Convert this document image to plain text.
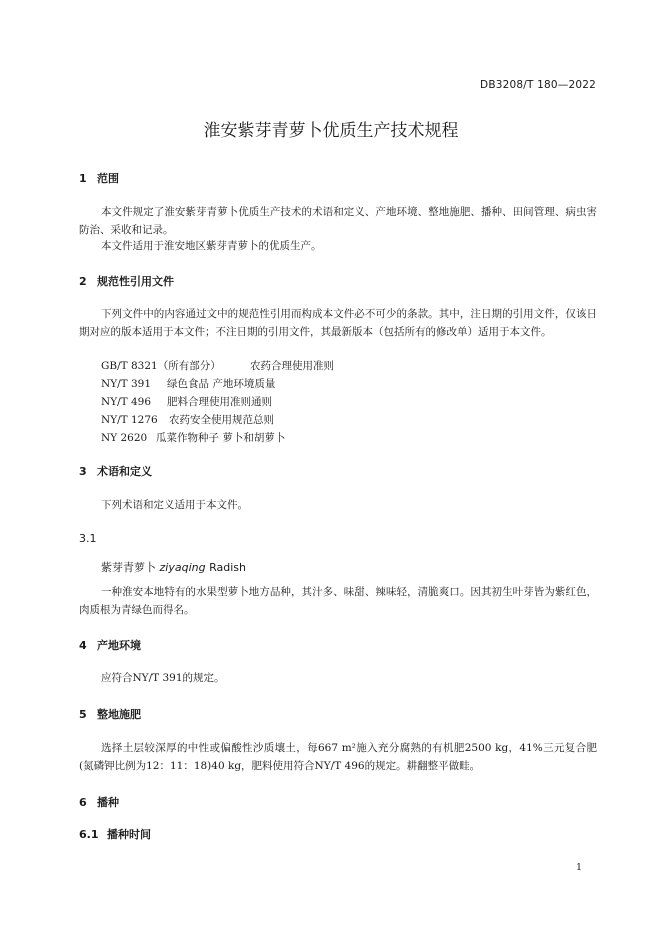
DB3208/T 180—2022
淮安紫芽青萝卜优质生产技术规程
1 范围
本文件规定了淮安紫芽青萝卜优质生产技术的术语和定义、产地环境、整地施肥、播种、田间管理、病虫害防治、采收和记录。
本文件适用于淮安地区紫芽青萝卜的优质生产。
2 规范性引用文件
下列文件中的内容通过文中的规范性引用而构成本文件必不可少的条款。其中，注日期的引用文件，仅该日期对应的版本适用于本文件；不注日期的引用文件，其最新版本（包括所有的修改单）适用于本文件。
GB/T 8321（所有部分）	农药合理使用准则
NY/T 391 绿色食品 产地环境质量
NY/T 496 肥料合理使用准则通则
NY/T 1276 农药安全使用规范总则
NY 2620 瓜菜作物种子 萝卜和胡萝卜
3 术语和定义
下列术语和定义适用于本文件。
3.1
紫芽青萝卜 ziyaqing Radish
一种淮安本地特有的水果型萝卜地方品种，其汁多、味甜、辣味轻，清脆爽口。因其初生叶芽皆为紫红色，肉质根为青绿色而得名。
4 产地环境
应符合NY/T 391的规定。
5 整地施肥
选择土层较深厚的中性或偏酸性沙质壤土，每667 m²施入充分腐熟的有机肥2500 kg，41%三元复合肥(氮磷钾比例为12：11：18)40 kg，肥料使用符合NY/T 496的规定。耕翻整平做畦。
6 播种
6.1 播种时间
1
